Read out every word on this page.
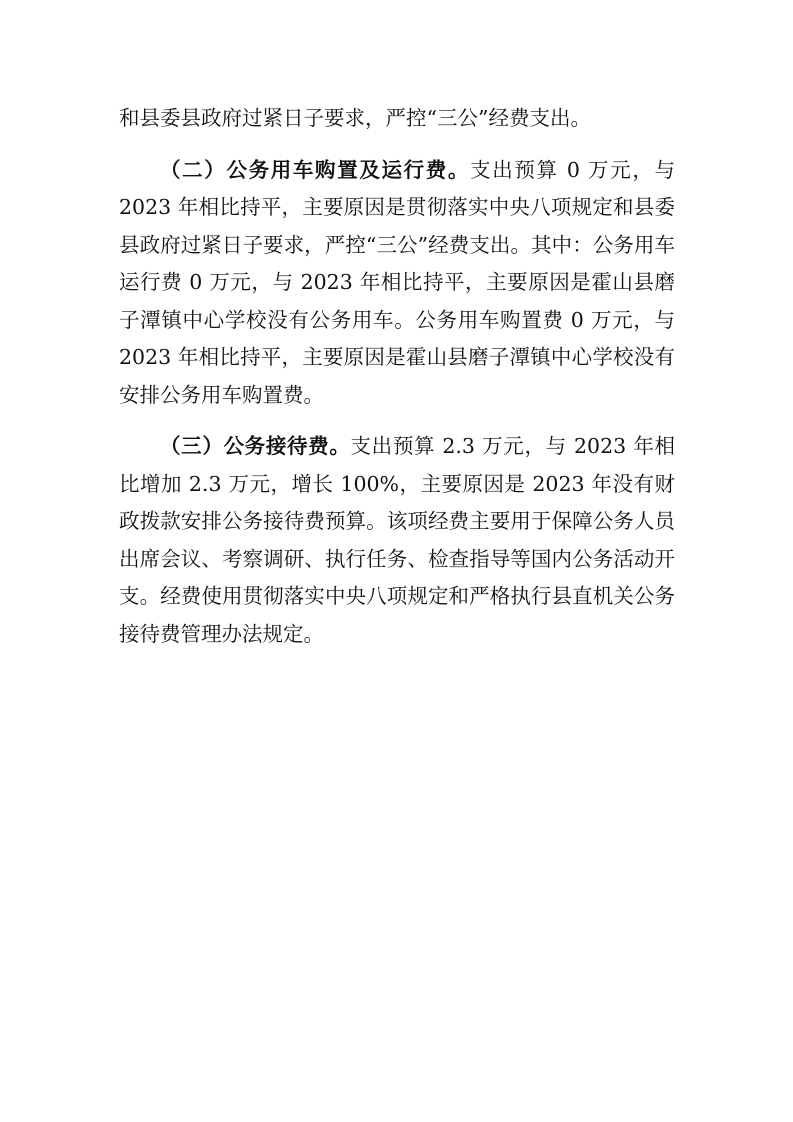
和县委县政府过紧日子要求，严控“三公”经费支出。

（二）公务用车购置及运行费。支出预算 0 万元，与 2023 年相比持平，主要原因是贯彻落实中央八项规定和县委县政府过紧日子要求，严控“三公”经费支出。其中：公务用车运行费 0 万元，与 2023 年相比持平，主要原因是霍山县磨子潭镇中心学校没有公务用车。公务用车购置费 0 万元，与 2023 年相比持平，主要原因是霍山县磨子潭镇中心学校没有安排公务用车购置费。

（三）公务接待费。支出预算 2.3 万元，与 2023 年相比增加 2.3 万元，增长 100%，主要原因是 2023 年没有财政拨款安排公务接待费预算。该项经费主要用于保障公务人员出席会议、考察调研、执行任务、检查指导等国内公务活动开支。经费使用贯彻落实中央八项规定和严格执行县直机关公务接待费管理办法规定。
